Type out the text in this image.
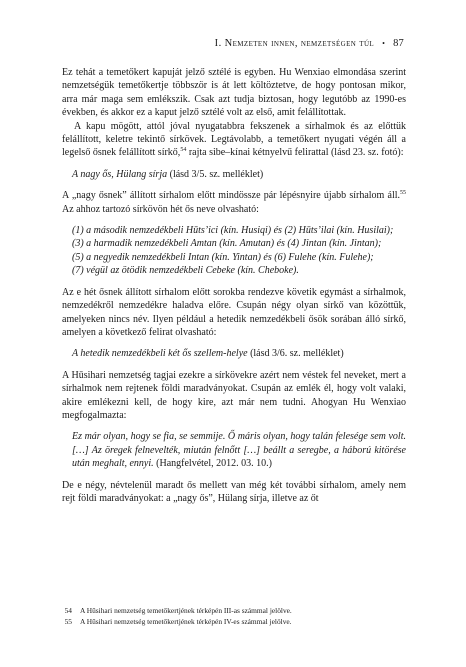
I. Nemzeten innen, nemzetségen túl • 87

Ez tehát a temetőkert kapuját jelző sztélé is egyben. Hu Wenxiao elmondása szerint nemzetségük temetőkertje többször is át lett költöztetve, de hogy pontosan mikor, arra már maga sem emlékszik. Csak azt tudja biztosan, hogy legutóbb az 1990-es években, és akkor ez a kaput jelző sztélé volt az első, amit felállítottak.

A kapu mögött, attól jóval nyugatabbra fekszenek a sírhalmok és az előttük felállított, keletre tekintő sírkövek. Legtávolabb, a temetőkert nyugati végén áll a legelső ősnek felállított sírkő,$^{54}$ rajta sibe–kínai kétnyelvű felirattal (lásd 23. sz. fotó):

A nagy ős, Hülang sírja (lásd 3/5. sz. melléklet)

A „nagy ősnek” állított sírhalom előtt mindössze pár lépésnyire újabb sírhalom áll.$^{55}$ Az ahhoz tartozó sírkövön hét ős neve olvasható:

(1) a második nemzedékbeli Hūts’ici (kín. Husiqi) és (2) Hūts’ilai (kín. Husilai);
(3) a harmadik nemzedékbeli Amtan (kín. Amutan) és (4) Jintan (kín. Jintan);
(5) a negyedik nemzedékbeli Intan (kín. Yintan) és (6) Fulehe (kín. Fulehe);
(7) végül az ötödik nemzedékbeli Cebeke (kín. Cheboke).

Az e hét ősnek állított sírhalom előtt sorokba rendezve követik egymást a sírhalmok, nemzedékről nemzedékre haladva előre. Csupán négy olyan sírkő van közöttük, amelyeken nincs név. Ilyen például a hetedik nemzedékbeli ősök sorában álló sírkő, amelyen a következő felirat olvasható:

A hetedik nemzedékbeli két ős szellem-helye (lásd 3/6. sz. melléklet)

A Hūsihari nemzetség tagjai ezekre a sírkövekre azért nem véstek fel neveket, mert a sírhalmok nem rejtenek földi maradványokat. Csupán az emlék él, hogy volt valaki, akire emlékezni kell, de hogy kire, azt már nem tudni. Ahogyan Hu Wenxiao megfogalmazta:

Ez már olyan, hogy se fia, se semmije. Ő máris olyan, hogy talán felesége sem volt. […] Az öregek felnevelték, miután felnőtt […] beállt a seregbe, a háború kitörése után meghalt, ennyi. (Hangfelvétel, 2012. 03. 10.)

De e négy, névtelenül maradt ős mellett van még két további sírhalom, amely nem rejt földi maradványokat: a „nagy ős”, Hülang sírja, illetve az őt

54 A Hūsihari nemzetség temetőkertjének térképén III-as számmal jelölve.
55 A Hūsihari nemzetség temetőkertjének térképén IV-es számmal jelölve.
